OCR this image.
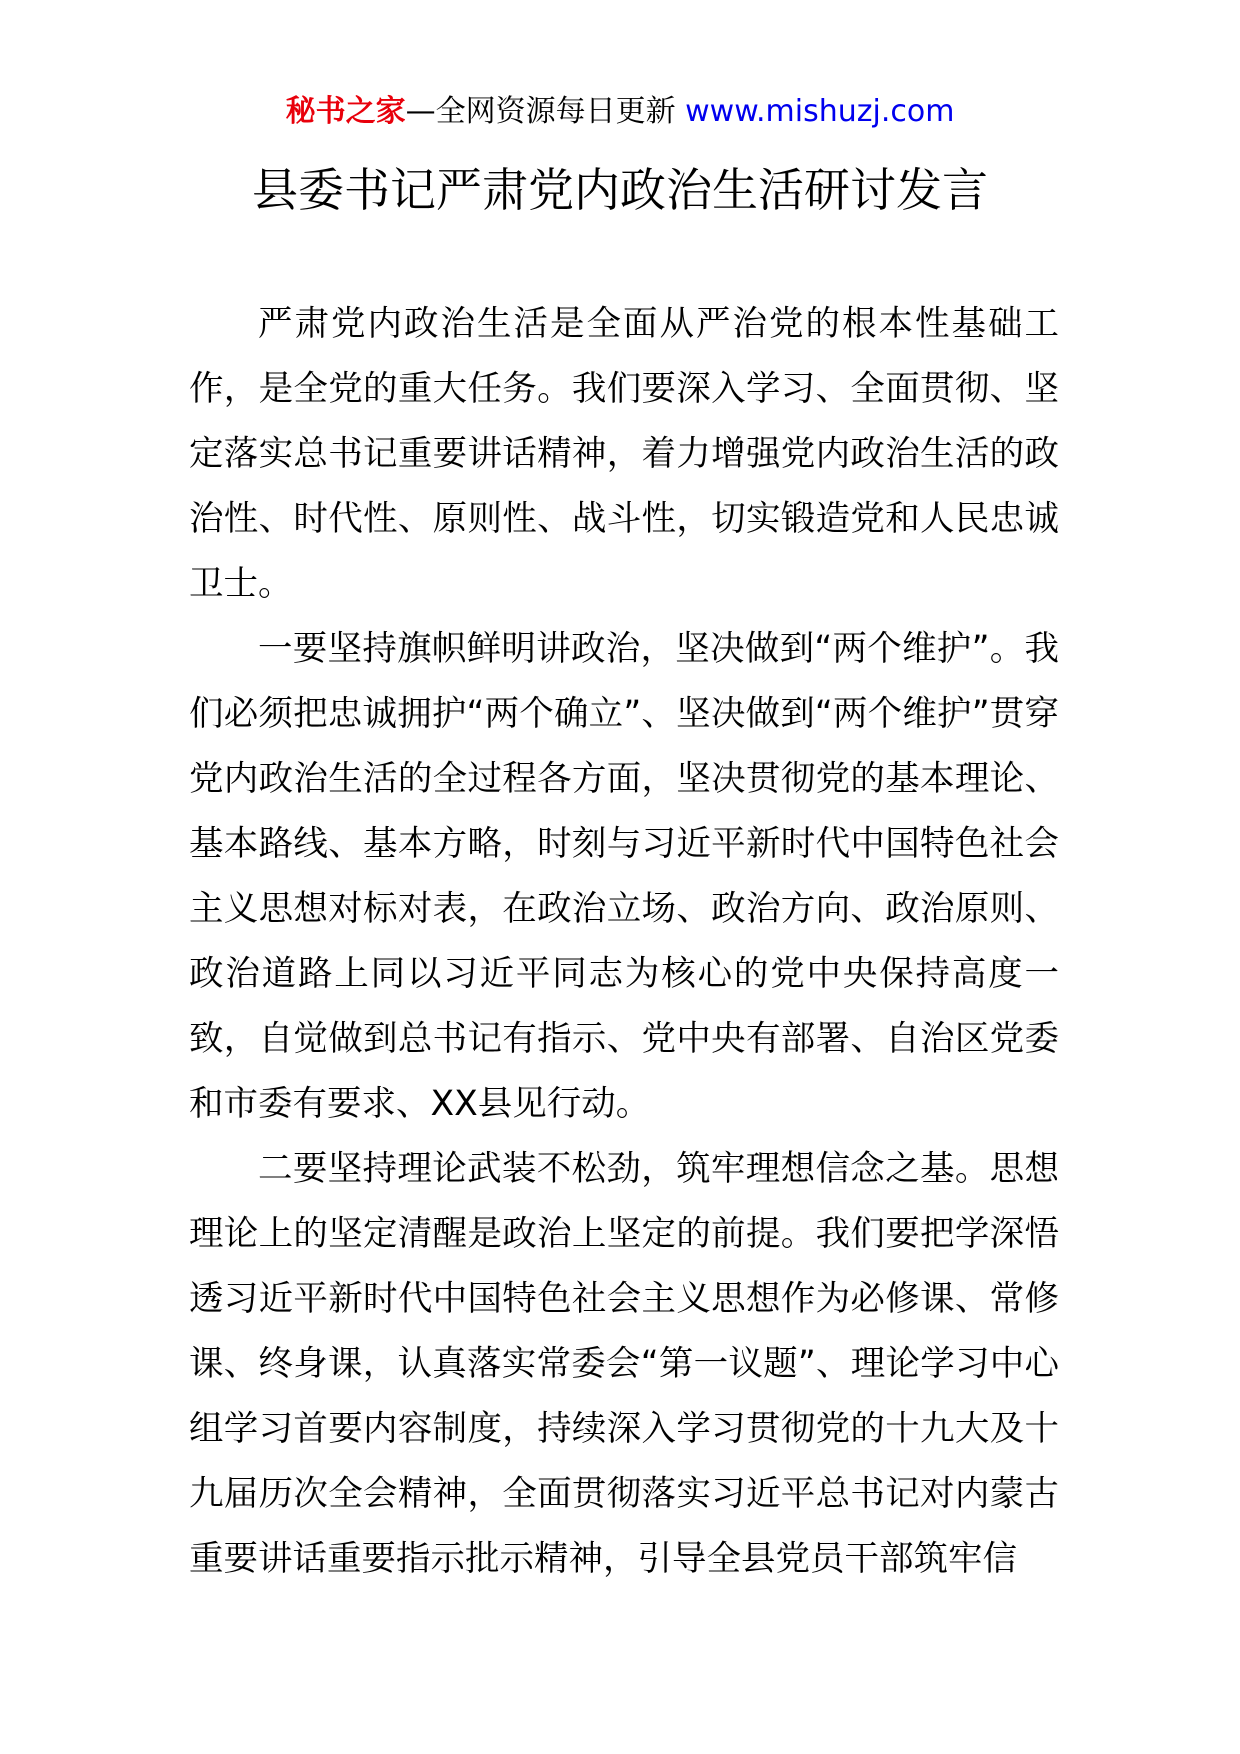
秘书之家—全网资源每日更新 www.mishuzj.com
县委书记严肃党内政治生活研讨发言

严肃党内政治生活是全面从严治党的根本性基础工作，是全党的重大任务。我们要深入学习、全面贯彻、坚定落实总书记重要讲话精神，着力增强党内政治生活的政治性、时代性、原则性、战斗性，切实锻造党和人民忠诚卫士。

一要坚持旗帜鲜明讲政治，坚决做到“两个维护”。我们必须把忠诚拥护“两个确立”、坚决做到“两个维护”贯穿党内政治生活的全过程各方面，坚决贯彻党的基本理论、基本路线、基本方略，时刻与习近平新时代中国特色社会主义思想对标对表，在政治立场、政治方向、政治原则、政治道路上同以习近平同志为核心的党中央保持高度一致，自觉做到总书记有指示、党中央有部署、自治区党委和市委有要求、XX县见行动。

二要坚持理论武装不松劲，筑牢理想信念之基。思想理论上的坚定清醒是政治上坚定的前提。我们要把学深悟透习近平新时代中国特色社会主义思想作为必修课、常修课、终身课，认真落实常委会“第一议题”、理论学习中心组学习首要内容制度，持续深入学习贯彻党的十九大及十九届历次全会精神，全面贯彻落实习近平总书记对内蒙古重要讲话重要指示批示精神，引导全县党员干部筑牢信
